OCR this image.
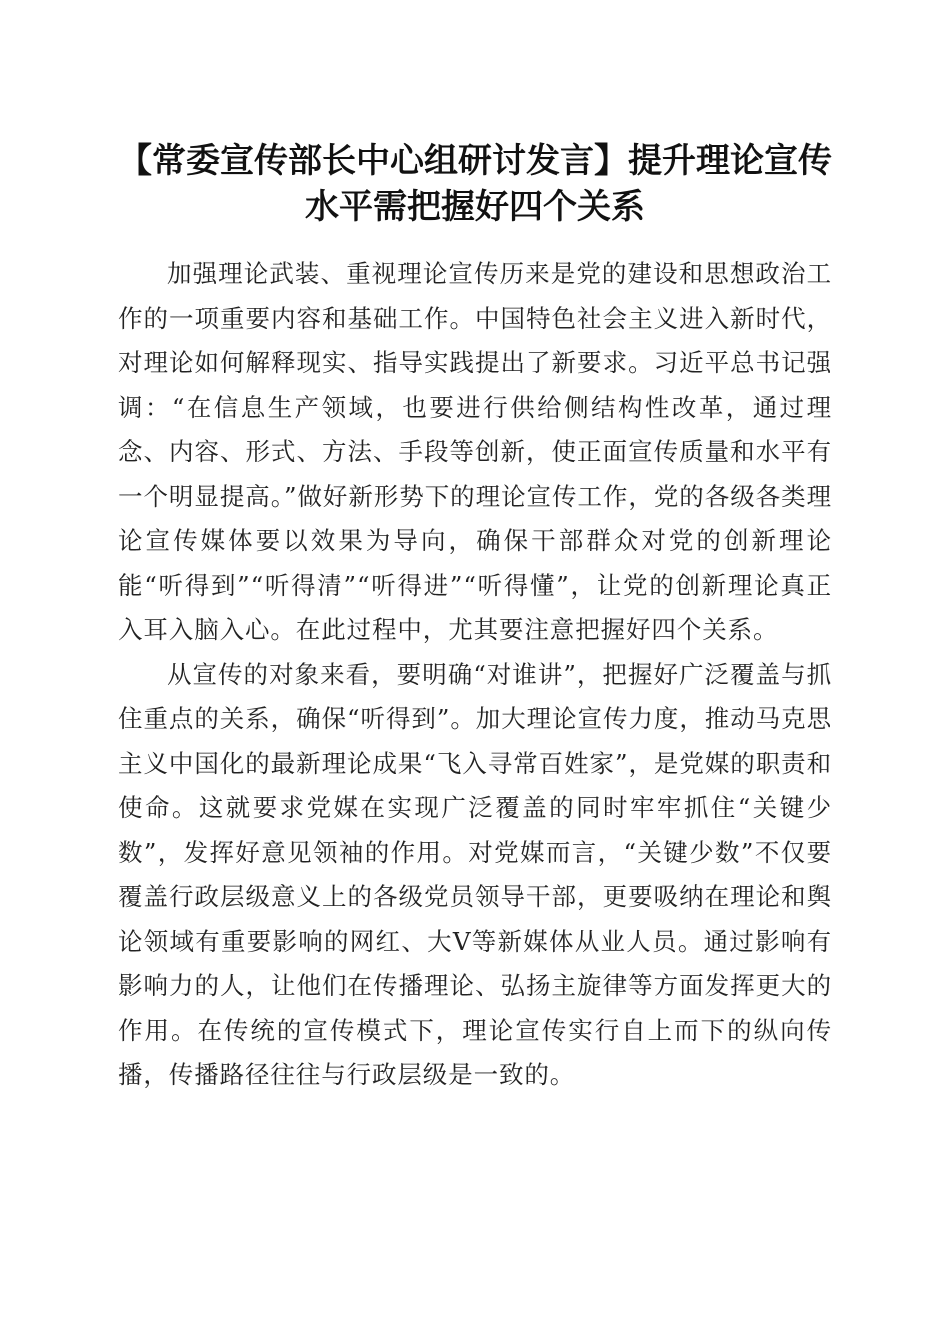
【常委宣传部长中心组研讨发言】提升理论宣传水平需把握好四个关系

加强理论武装、重视理论宣传历来是党的建设和思想政治工作的一项重要内容和基础工作。中国特色社会主义进入新时代，对理论如何解释现实、指导实践提出了新要求。习近平总书记强调：“在信息生产领域，也要进行供给侧结构性改革，通过理念、内容、形式、方法、手段等创新，使正面宣传质量和水平有一个明显提高。”做好新形势下的理论宣传工作，党的各级各类理论宣传媒体要以效果为导向，确保干部群众对党的创新理论能“听得到”“听得清”“听得进”“听得懂”，让党的创新理论真正入耳入脑入心。在此过程中，尤其要注意把握好四个关系。

从宣传的对象来看，要明确“对谁讲”，把握好广泛覆盖与抓住重点的关系，确保“听得到”。加大理论宣传力度，推动马克思主义中国化的最新理论成果“飞入寻常百姓家”，是党媒的职责和使命。这就要求党媒在实现广泛覆盖的同时牢牢抓住“关键少数”，发挥好意见领袖的作用。对党媒而言，“关键少数”不仅要覆盖行政层级意义上的各级党员领导干部，更要吸纳在理论和舆论领域有重要影响的网红、大V等新媒体从业人员。通过影响有影响力的人，让他们在传播理论、弘扬主旋律等方面发挥更大的作用。在传统的宣传模式下，理论宣传实行自上而下的纵向传播，传播路径往往与行政层级是一致的。
